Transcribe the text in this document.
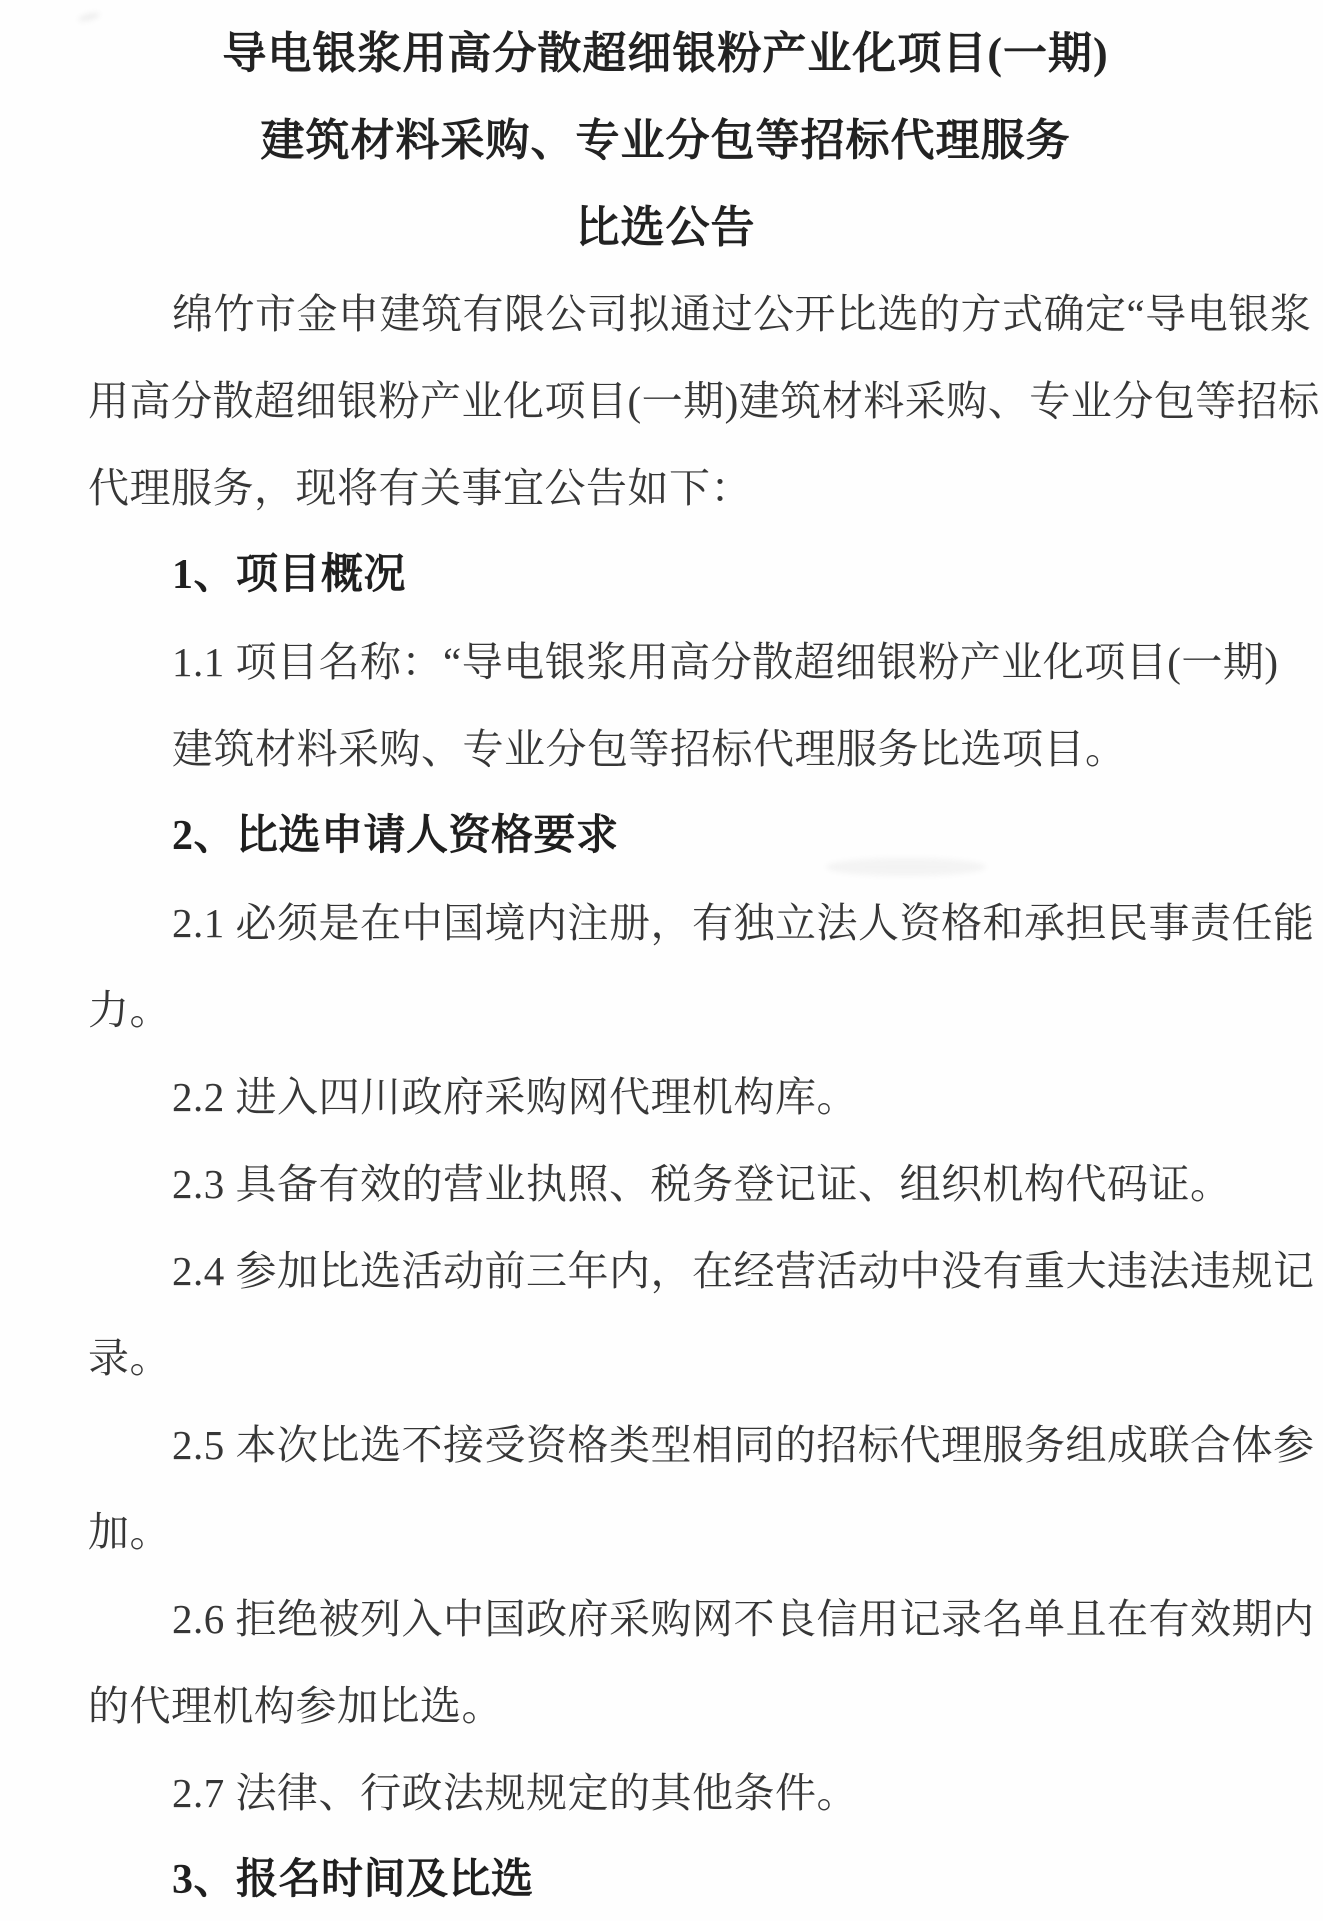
导电银浆用高分散超细银粉产业化项目(一期)
建筑材料采购、专业分包等招标代理服务
比选公告
绵竹市金申建筑有限公司拟通过公开比选的方式确定“导电银浆
用高分散超细银粉产业化项目(一期)建筑材料采购、专业分包等招标
代理服务，现将有关事宜公告如下：
1、项目概况
1.1 项目名称：“导电银浆用高分散超细银粉产业化项目(一期)
建筑材料采购、专业分包等招标代理服务比选项目。
2、比选申请人资格要求
2.1 必须是在中国境内注册，有独立法人资格和承担民事责任能
力。
2.2 进入四川政府采购网代理机构库。
2.3 具备有效的营业执照、税务登记证、组织机构代码证。
2.4 参加比选活动前三年内，在经营活动中没有重大违法违规记
录。
2.5 本次比选不接受资格类型相同的招标代理服务组成联合体参
加。
2.6 拒绝被列入中国政府采购网不良信用记录名单且在有效期内
的代理机构参加比选。
2.7 法律、行政法规规定的其他条件。
3、报名时间及比选
